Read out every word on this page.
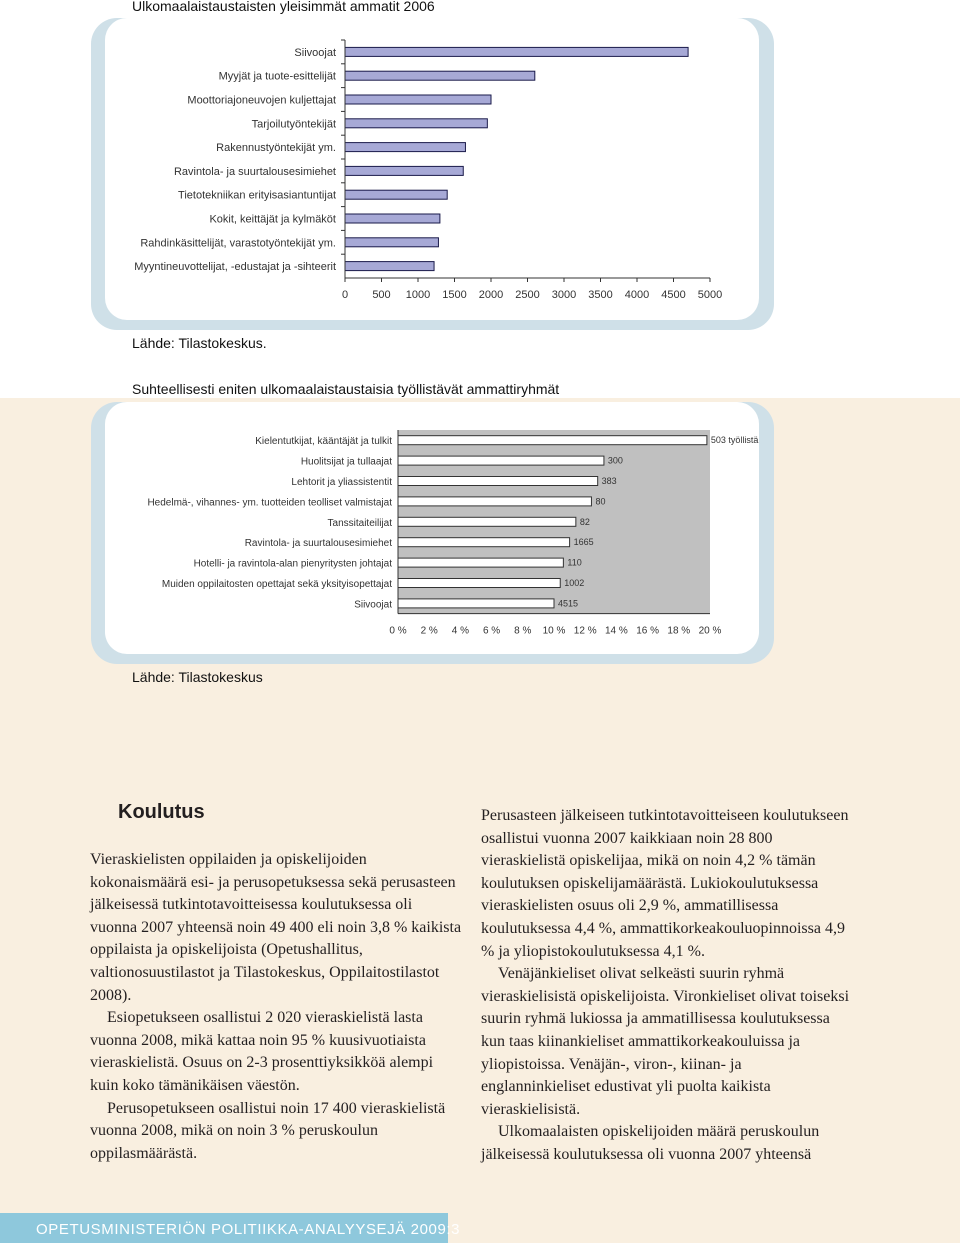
Ulkomaalaistaustaisten yleisimmät ammatit 2006
Siivoojat
Myyjät ja tuote-esittelijät
Moottoriajoneuvojen kuljettajat
Tarjoilutyöntekijät
Rakennustyöntekijät ym.
Ravintola- ja suurtalousesimiehet
Tietotekniikan erityisasiantuntijat
Kokit, keittäjät ja kylmäköt
Rahdinkäsittelijät, varastotyöntekijät ym.
Myyntineuvottelijat, -edustajat ja -sihteerit
0 500 1000 1500 2000 2500 3000 3500 4000 4500 5000
Lähde: Tilastokeskus.
Suhteellisesti eniten ulkomaalaistaustaisia työllistävät ammattiryhmät
Kielentutkijat, kääntäjät ja tulkit	503 työllistä
Huolitsijat ja tullaajat	300
Lehtorit ja yliassistentit	383
Hedelmä-, vihannes- ym. tuotteiden teolliset valmistajat	80
Tanssitaiteilijat	82
Ravintola- ja suurtalousesimiehet	1665
Hotelli- ja ravintola-alan pienyritysten johtajat	110
Muiden oppilaitosten opettajat sekä yksityisopettajat	1002
Siivoojat	4515
0 % 2 % 4 % 6 % 8 % 10 % 12 % 14 % 16 % 18 % 20 %
Lähde: Tilastokeskus
Koulutus

Vieraskielisten oppilaiden ja opiskelijoiden kokonaismäärä esi- ja perusopetuksessa sekä perusasteen jälkeisessä tutkintotavoitteisessa koulutuksessa oli vuonna 2007 yhteensä noin 49 400 eli noin 3,8 % kaikista oppilaista ja opiskelijoista (Opetushallitus, valtionosuustilastot ja Tilastokeskus, Oppilaitostilastot 2008).

Esiopetukseen osallistui 2 020 vieraskielistä lasta vuonna 2008, mikä kattaa noin 95 % kuusivuotiaista vieraskielistä. Osuus on 2-3 prosenttiyksikköä alempi kuin koko tämänikäisen väestön.

Perusopetukseen osallistui noin 17 400 vieraskielistä vuonna 2008, mikä on noin 3 % peruskoulun oppilasmäärästä.

Perusasteen jälkeiseen tutkintotavoitteiseen koulutukseen osallistui vuonna 2007 kaikkiaan noin 28 800 vieraskielistä opiskelijaa, mikä on noin 4,2 % tämän koulutuksen opiskelijamäärästä. Lukiokoulutuksessa vieraskielisten osuus oli 2,9 %, ammatillisessa koulutuksessa 4,4 %, ammattikorkeakouluopinnoissa 4,9 % ja yliopistokoulutuksessa 4,1 %.

Venäjänkieliset olivat selkeästi suurin ryhmä vieraskielisistä opiskelijoista. Vironkieliset olivat toiseksi suurin ryhmä lukiossa ja ammatillisessa koulutuksessa kun taas kiinankieliset ammattikorkeakouluissa ja yliopistoissa. Venäjän-, viron-, kiinan- ja englanninkieliset edustivat yli puolta kaikista vieraskielisistä.

Ulkomaalaisten opiskelijoiden määrä peruskoulun jälkeisessä koulutuksessa oli vuonna 2007 yhteensä

OPETUSMINISTERIÖN POLITIIKKA-ANALYYSEJÄ 2009:3
